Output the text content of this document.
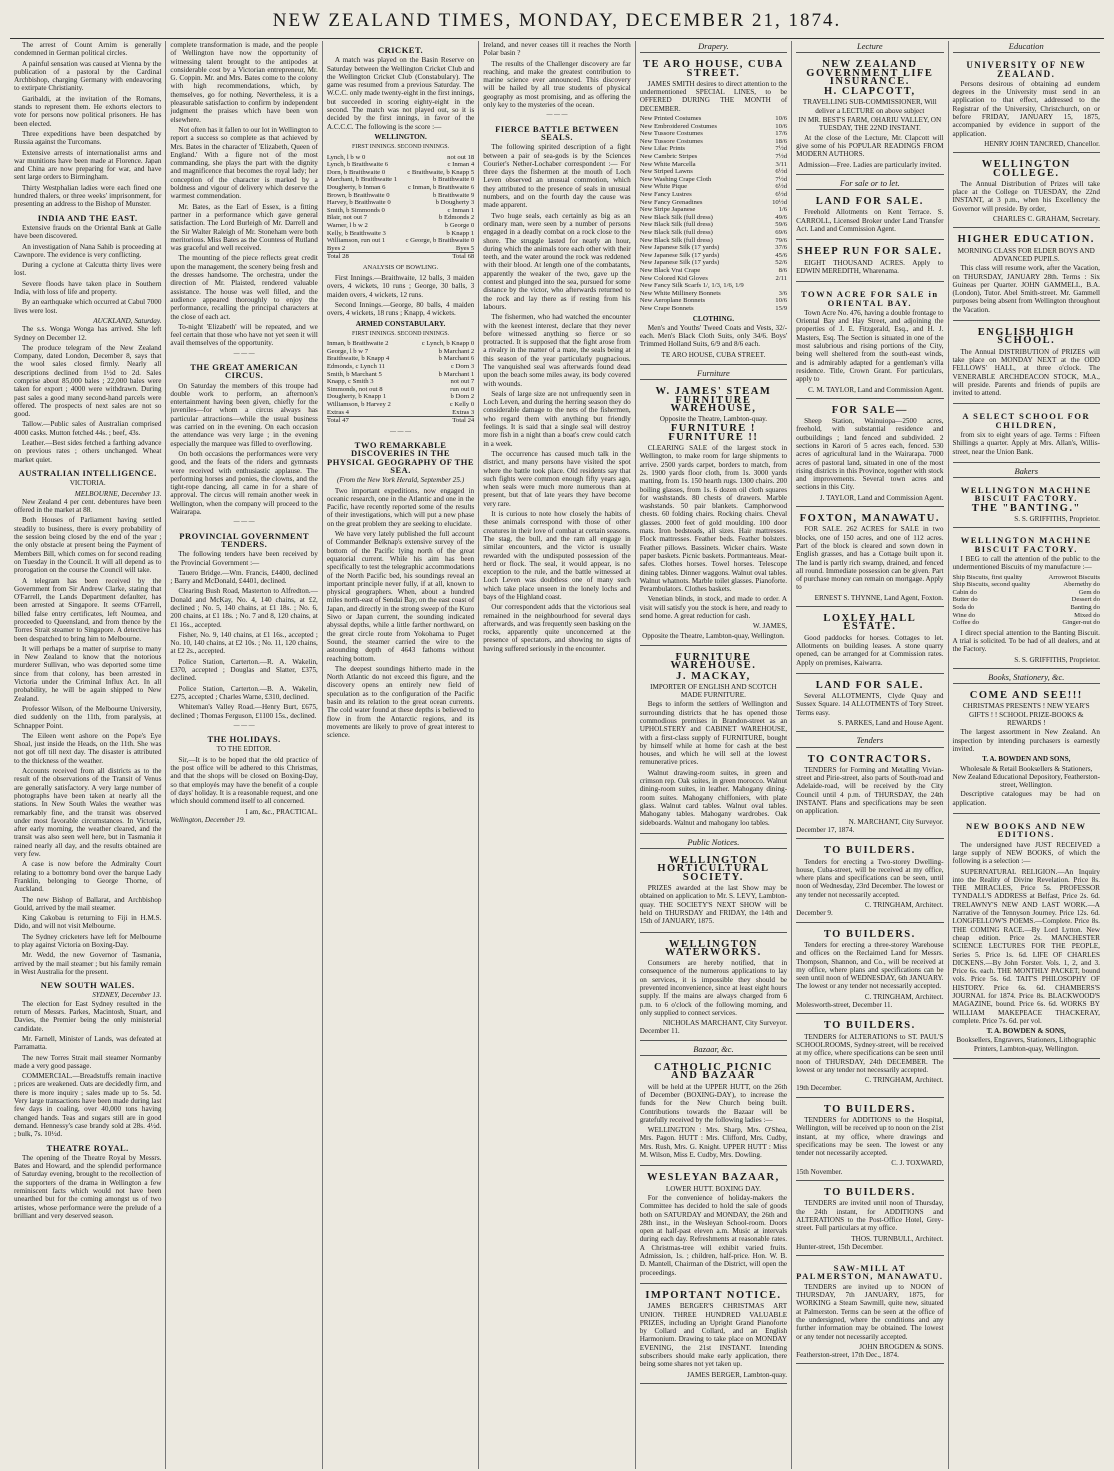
NEW ZEALAND TIMES, MONDAY, DECEMBER 21, 1874.

The arrest of Count Arnim is generally condemned in German political circles.

A painful sensation was caused at Vienna by the publication of a pastoral by the Cardinal Archbishop, charging Germany with endeavoring to extirpate Christianity.

Garibaldi, at the invitation of the Romans, stands to represent them. He exhorts electors to vote for persons now political prisoners. He has been elected.

Three expeditions have been despatched by Russia against the Turcomans.

Extensive arrests of internationalist arms and war munitions have been made at Florence. Japan and China are now preparing for war, and have sent large orders to Birmingham.

Thirty Westphalian ladies were each fined one hundred thalers, or three weeks' imprisonment, for presenting an address to the Bishop of Munster.

INDIA AND THE EAST.

Extensive frauds on the Oriental Bank at Galle have been discovered.

An investigation of Nana Sahib is proceeding at Cawnpore. The evidence is very conflicting.

During a cyclone at Calcutta thirty lives were lost.

Severe floods have taken place in Southern India, with loss of life and property.

By an earthquake which occurred at Cabul 7000 lives were lost.

AUCKLAND, Saturday.

The s.s. Wonga Wonga has arrived. She left Sydney on December 12.

The produce telegram of the New Zealand Company, dated London, December 8, says that the wool sales closed firmly. Nearly all descriptions declined from 1½d to 2d. Sales comprise about 85,000 bales ; 22,000 bales were taken for export ; 4000 were withdrawn. During past sales a good many second-hand parcels were offered. The prospects of next sales are not so good.

Tallow.—Public sales of Australian comprised 4000 casks. Mutton fetched 44s. ; beef, 43s.

Leather.—Best sides fetched a farthing advance on previous rates ; others unchanged. Wheat market quiet.

AUSTRALIAN INTELLIGENCE.
VICTORIA.
MELBOURNE, December 13.

New Zealand 4 per cent. debentures have been offered in the market at 88.

Both Houses of Parliament having settled steadily to business, there is every probability of the session being closed by the end of the year ; the only obstacle at present being the Payment of Members Bill, which comes on for second reading on Tuesday in the Council. It will all depend as to prorogation on the course the Council will take.

A telegram has been received by the Government from Sir Andrew Clarke, stating that O'Farrell, the Lands Department defaulter, has been arrested at Singapore. It seems O'Farrell, billed false entry certificates, left Noumea, and proceeded to Queensland, and from thence by the Torres Strait steamer to Singapore. A detective has been despatched to bring him to Melbourne.

It will perhaps be a matter of surprise to many in New Zealand to know that the notorious murderer Sullivan, who was deported some time since from that colony, has been arrested in Victoria under the Criminal Influx Act. In all probability, he will be again shipped to New Zealand.

Professor Wilson, of the Melbourne University, died suddenly on the 11th, from paralysis, at Schnapper Point.

The Eileen went ashore on the Pope's Eye Shoal, just inside the Heads, on the 11th. She was not got off till next day. The disaster is attributed to the thickness of the weather.

Accounts received from all districts as to the result of the observations of the Transit of Venus are generally satisfactory. A very large number of photographs have been taken at nearly all the stations. In New South Wales the weather was remarkably fine, and the transit was observed under most favorable circumstances. In Victoria, after early morning, the weather cleared, and the transit was also seen well here, but in Tasmania it rained nearly all day, and the results obtained are very few.

A case is now before the Admiralty Court relating to a bottomry bond over the barque Lady Franklin, belonging to George Thorne, of Auckland.

The new Bishop of Ballarat, and Archbishop Gould, arrived by the mail steamer.

King Cakobau is returning to Fiji in H.M.S. Dido, and will not visit Melbourne.

The Sydney cricketers have left for Melbourne to play against Victoria on Boxing-Day.

Mr. Wedd, the new Governor of Tasmania, arrived by the mail steamer ; but his family remain in West Australia for the present.

NEW SOUTH WALES.
SYDNEY, December 13.

The election for East Sydney resulted in the return of Messrs. Parkes, Macintosh, Stuart, and Davies, the Premier being the only ministerial candidate.

Mr. Farnell, Minister of Lands, was defeated at Parramatta.

The new Torres Strait mail steamer Normanby made a very good passage.

COMMERCIAL.—Breadstuffs remain inactive ; prices are weakened. Oats are decidedly firm, and there is more inquiry ; sales made up to 5s. 5d. Very large transactions have been made during last few days in coaling, over 40,000 tons having changed hands. Teas and sugars still are in good demand. Hennessy's case brandy sold at 28s. 4½d. ; bulk, 7s. 10½d.

THEATRE ROYAL.

The opening of the Theatre Royal by Messrs. Bates and Howard, and the splendid performance of Saturday evening, brought to the recollection of the supporters of the drama in Wellington a few reminiscent facts which would not have been unearthed but for the coming amongst us of two artistes, whose performance were the prelude of a brilliant and very deserved season.

complete transformation is made, and the people of Wellington have now the opportunity of witnessing talent brought to the antipodes at considerable cost by a Victorian entrepreneur, Mr. G. Coppin. Mr. and Mrs. Bates come to the colony with high recommendations, which, by themselves, go for nothing. Nevertheless, it is a pleasurable satisfaction to confirm by independent judgment the praises which have been won elsewhere.

Not often has it fallen to our lot in Wellington to report a success so complete as that achieved by Mrs. Bates in the character of 'Elizabeth, Queen of England.' With a figure not of the most commanding, she plays the part with the dignity and magnificence that becomes the royal lady; her conception of the character is marked by a boldness and vigour of delivery which deserve the warmest commendation.

Mr. Bates, as the Earl of Essex, is a fitting partner in a performance which gave general satisfaction. The Lord Burleigh of Mr. Darrell and the Sir Walter Raleigh of Mr. Stoneham were both meritorious. Miss Bates as the Countess of Rutland was graceful and well received.

The mounting of the piece reflects great credit upon the management, the scenery being fresh and the dresses handsome. The orchestra, under the direction of Mr. Plaisted, rendered valuable assistance. The house was well filled, and the audience appeared thoroughly to enjoy the performance, recalling the principal characters at the close of each act.

To-night 'Elizabeth' will be repeated, and we feel certain that those who have not yet seen it will avail themselves of the opportunity.

— — —
THE GREAT AMERICAN CIRCUS.

On Saturday the members of this troupe had double work to perform, an afternoon's entertainment having been given, chiefly for the juveniles—for whom a circus always has particular attractions—while the usual business was carried on in the evening. On each occasion the attendance was very large ; in the evening especially the marquee was filled to overflowing.

On both occasions the performances were very good, and the feats of the riders and gymnasts were received with enthusiastic applause. The performing horses and ponies, the clowns, and the tight-rope dancing, all came in for a share of approval. The circus will remain another week in Wellington, when the company will proceed to the Wairarapa.

— — —
PROVINCIAL GOVERNMENT TENDERS.

The following tenders have been received by the Provincial Government :—

Tauero Bridge.—Wm. Francis, £4400, declined ; Barry and McDonald, £4401, declined.

Clearing Bush Road, Masterton to Alfredton.—Donald and McKay, No. 4, 140 chains, at £2, declined ; No. 5, 140 chains, at £1 18s. ; No. 6, 200 chains, at £1 18s. ; No. 7 and 8, 120 chains, at £1 16s., accepted.

Fisher, No. 9, 140 chains, at £1 16s., accepted ; No. 10, 140 chains, at £2 10s. ; No. 11, 120 chains, at £2 2s., accepted.

Police Station, Carterton.—R. A. Wakelin, £370, accepted ; Douglas and Slatter, £375, declined.

Police Station, Carterton.—B. A. Wakelin, £275, accepted ; Charles Warne, £310, declined.

Whiteman's Valley Road.—Henry Burt, £675, declined ; Thomas Ferguson, £1100 15s., declined.

— — —
THE HOLIDAYS.
TO THE EDITOR.

Sir,—It is to be hoped that the old practice of the post office will be adhered to this Christmas, and that the shops will be closed on Boxing-Day, so that employés may have the benefit of a couple of days' holiday. It is a reasonable request, and one which should commend itself to all concerned.

I am, &c., PRACTICAL.
Wellington, December 19.
CRICKET.

A match was played on the Basin Reserve on Saturday between the Wellington Cricket Club and the Wellington Cricket Club (Constabulary). The game was resumed from a previous Saturday. The W.C.C. only made twenty-eight in the first innings, but succeeded in scoring eighty-eight in the second. The match was not played out, so it is decided by the first innings, in favor of the A.C.C.C. The following is the score :—

WELLINGTON.
FIRST INNINGS. SECOND INNINGS.
Lynch, l b w 0	not out 18
Lynch, b Braithwaite 6	c Inman 4
Dorn, b Braithwaite 0	c Braithwaite, b Knapp 5
Marchant, b Braithwaite 1	b Braithwaite 0
Dougherty, b Inman 6	c Inman, b Braithwaite 6
Brown, b Braithwaite 0	b Braithwaite 9
Harvey, b Braithwaite 0	b Dougherty 3
Smith, b Simmonds 0	c Inman 1
Blair, not out 7	b Edmonds 2
Warner, l b w 2	b George 0
Kelly, b Braithwaite 3	b Knapp 1
Williamson, run out 1	c George, b Braithwaite 0
Byes 2	Byes 5
Total 28	Total 68
ANALYSIS OF BOWLING.

First Innings.—Braithwaite, 12 balls, 3 maiden overs, 4 wickets, 10 runs ; George, 30 balls, 3 maiden overs, 4 wickets, 12 runs.

Second Innings.—George, 80 balls, 4 maiden overs, 4 wickets, 18 runs ; Knapp, 4 wickets.

ARMED CONSTABULARY.
FIRST INNINGS. SECOND INNINGS.
Inman, b Braithwaite 2	c Lynch, b Knapp 0
George, l b w 7	b Marchant 2
Braithwaite, b Knapp 4	b Marchant 6
Edmonds, c Lynch 11	c Dorn 3
Smith, b Marchant 5	b Marchant 1
Knapp, c Smith 3	not out 7
Simmonds, not out 8	run out 0
Dougherty, b Knapp 1	b Dorn 2
Williamson, b Harvey 2	c Kelly 0
Extras 4	Extras 3
Total 47	Total 24
— — —
TWO REMARKABLE DISCOVERIES IN THE PHYSICAL GEOGRAPHY OF THE SEA.
(From the New York Herald, September 25.)

Two important expeditions, now engaged in oceanic research, one in the Atlantic and one in the Pacific, have recently reported some of the results of their investigations, which will put a new phase on the great problem they are seeking to elucidate.

We have very lately published the full account of Commander Belknap's extensive survey of the bottom of the Pacific lying north of the great equatorial current. While his aim has been specifically to test the telegraphic accommodations of the North Pacific bed, his soundings reveal an important principle never fully, if at all, known to physical geographers. When, about a hundred miles north-east of Sendai Bay, on the east coast of Japan, and directly in the strong sweep of the Kuro Siwo or Japan current, the sounding indicated abyssal depths, while a little farther northward, on the great circle route from Yokohama to Puget Sound, the steamer carried the wire to the astounding depth of 4643 fathoms without reaching bottom.

The deepest soundings hitherto made in the North Atlantic do not exceed this figure, and the discovery opens an entirely new field of speculation as to the configuration of the Pacific basin and its relation to the great ocean currents. The cold water found at these depths is believed to flow in from the Antarctic regions, and its movements are likely to prove of great interest to science.

Ireland, and never ceases till it reaches the North Polar basin ?

The results of the Challenger discovery are far reaching, and make the greatest contribution to marine science ever announced. This discovery will be hailed by all true students of physical geography as most promising, and as offering the only key to the mysteries of the ocean.

— — —
FIERCE BATTLE BETWEEN SEALS.

The following spirited description of a fight between a pair of sea-gods is by the Sciences Courier's Nether-Lochaber correspondent :— For three days the fishermen at the mouth of Loch Leven observed an unusual commotion, which they attributed to the presence of seals in unusual numbers, and on the fourth day the cause was made apparent.

Two huge seals, each certainly as big as an ordinary man, were seen by a number of persons engaged in a deadly combat on a rock close to the shore. The struggle lasted for nearly an hour, during which the animals tore each other with their teeth, and the water around the rock was reddened with their blood. At length one of the combatants, apparently the weaker of the two, gave up the contest and plunged into the sea, pursued for some distance by the victor, who afterwards returned to the rock and lay there as if resting from his labours.

The fishermen, who had watched the encounter with the keenest interest, declare that they never before witnessed anything so fierce or so protracted. It is supposed that the fight arose from a rivalry in the matter of a mate, the seals being at this season of the year particularly pugnacious. The vanquished seal was afterwards found dead upon the beach some miles away, its body covered with wounds.

Seals of large size are not unfrequently seen in Loch Leven, and during the herring season they do considerable damage to the nets of the fishermen, who regard them with anything but friendly feelings. It is said that a single seal will destroy more fish in a night than a boat's crew could catch in a week.

The occurrence has caused much talk in the district, and many persons have visited the spot where the battle took place. Old residents say that such fights were common enough fifty years ago, when seals were much more numerous than at present, but that of late years they have become very rare.

It is curious to note how closely the habits of these animals correspond with those of other creatures in their love of combat at certain seasons. The stag, the bull, and the ram all engage in similar encounters, and the victor is usually rewarded with the undisputed possession of the herd or flock. The seal, it would appear, is no exception to the rule, and the battle witnessed at Loch Leven was doubtless one of many such which take place unseen in the lonely lochs and bays of the Highland coast.

Our correspondent adds that the victorious seal remained in the neighbourhood for several days afterwards, and was frequently seen basking on the rocks, apparently quite unconcerned at the presence of spectators, and showing no signs of having suffered seriously in the encounter.

Drapery.
TE ARO HOUSE, CUBA STREET.

JAMES SMITH desires to direct attention to the undermentioned SPECIAL LINES, to be OFFERED DURING THE MONTH of DECEMBER.

New Printed Costumes	10/6
New Embroidered Costumes	10/6
New Tussore Costumes	17/6
New Tussore Costumes	18/6
New Lilac Prints	7½d
New Cambric Stripes	7½d
New White Marcella	3/11
New Striped Lawns	6½d
New Washing Crape Cloth	7½d
New White Pique	6½d
New Fancy Lustres	6½d
New Fancy Grenadines	10½d
New Stripe Japanese	1/6
New Black Silk (full dress)	49/6
New Black Silk (full dress)	59/6
New Black Silk (full dress)	69/6
New Black Silk (full dress)	79/6
New Japanese Silk (17 yards)	37/6
New Japanese Silk (17 yards)	45/6
New Japanese Silk (17 yards)	52/6
New Black Vrai Crape	8/6
New Colored Kid Gloves	2/11
New Fancy Silk Scarfs 1/, 1/3, 1/6, 1/9
New White Millinery Bonnets	3/6
New Aeroplane Bonnets	10/6
New Crape Bonnets	15/9
CLOTHING.

Men's and Youths' Tweed Coats and Vests, 32/- each. Men's Black Cloth Suits, only 34/6. Boys' Trimmed Holland Suits, 6/9 and 8/6 each.

TE ARO HOUSE, CUBA STREET.
Furniture
W. JAMES' STEAM FURNITURE WAREHOUSE,
Opposite the Theatre, Lambton-quay.
FURNITURE ! FURNITURE !!

CLEARING SALE of the largest stock in Wellington, to make room for large shipments to arrive. 2500 yards carpet, borders to match, from 2s. 1900 yards floor cloth, from 1s. 3000 yards matting, from 1s. 150 hearth rugs. 1300 chairs. 200 boiling glasses, from 1s. 6 dozen oil cloth squares for washstands. 80 chests of drawers. Marble washstands. 50 pair blankets. Camphorwood chests. 60 folding chairs. Rocking chairs. Cheval glasses. 2000 feet of gold moulding. 100 door mats. Iron bedsteads, all sizes. Hair mattresses. Flock mattresses. Feather beds. Feather bolsters. Feather pillows. Bassinets. Wicker chairs. Waste paper baskets. Picnic baskets. Portmanteaus. Meat-safes. Clothes horses. Towel horses. Telescope dining tables. Dinner waggons. Walnut oval tables. Walnut whatnots. Marble toilet glasses. Pianoforte. Perambulators. Clothes baskets.

Venetian blinds, in stock, and made to order. A visit will satisfy you the stock is here, and ready to send home. A great reduction for cash.

W. JAMES,
Opposite the Theatre, Lambton-quay, Wellington.
FURNITURE WAREHOUSE.
J. MACKAY,
IMPORTER OF ENGLISH AND SCOTCH MADE FURNITURE.

Begs to inform the settlers of Wellington and surrounding districts that he has opened those commodious premises in Brandon-street as an UPHOLSTERY and CABINET WAREHOUSE, with a first-class supply of FURNITURE, bought by himself while at home for cash at the best houses, and which he will sell at the lowest remunerative prices.

Walnut drawing-room suites, in green and crimson rep. Oak suites, in green morocco. Walnut dining-room suites, in leather. Mahogany dining-room suites. Mahogany chiffoniers, with plate glass. Walnut card tables. Walnut oval tables. Mahogany tables. Mahogany wardrobes. Oak sideboards. Walnut and mahogany loo tables.

Public Notices.
WELLINGTON HORTICULTURAL SOCIETY.

PRIZES awarded at the last Show may be obtained on application to Mr. S. LEVY, Lambton-quay. THE SOCIETY'S NEXT SHOW will be held on THURSDAY and FRIDAY, the 14th and 15th of JANUARY, 1875.

WELLINGTON WATERWORKS.

Consumers are hereby notified, that in consequence of the numerous applications to lay on services, it is impossible they should be prevented inconvenience, since at least eight hours supply. If the mains are always charged from 6 p.m. to 6 o'clock of the following morning, and only supplied to connect services.

NICHOLAS MARCHANT, City Surveyor.
December 11.
Bazaar, &c.
CATHOLIC PICNIC AND BAZAAR

will be held at the UPPER HUTT, on the 26th of December (BOXING-DAY), to increase the funds for the New Church being built. Contributions towards the Bazaar will be gratefully received by the following ladies :—

WELLINGTON : Mrs. Sharp, Mrs. O'Shea, Mrs. Pagon. HUTT : Mrs. Clifford, Mrs. Cudby, Mrs. Rush, Mrs. G. Knight. UPPER HUTT : Miss M. Wilson, Miss E. Cudby, Mrs. Dowling.

WESLEYAN BAZAAR,
LOWER HUTT. BOXING DAY.

For the convenience of holiday-makers the Committee has decided to hold the sale of goods both on SATURDAY and MONDAY, the 26th and 28th inst., in the Wesleyan School-room. Doors open at half-past eleven a.m. Music at intervals during each day. Refreshments at reasonable rates. A Christmas-tree will exhibit varied fruits. Admission, 1s. ; children, half-price. Hon. W. B. D. Mantell, Chairman of the District, will open the proceedings.

IMPORTANT NOTICE.

JAMES BERGER'S CHRISTMAS ART UNION. THREE HUNDRED VALUABLE PRIZES, including an Upright Grand Pianoforte by Collard and Collard, and an English Harmonium. Drawing to take place on MONDAY EVENING, the 21st INSTANT. Intending subscribers should make early application, there being some shares not yet taken up.

JAMES BERGER, Lambton-quay.
Lecture
NEW ZEALAND GOVERNMENT LIFE INSURANCE.
H. CLAPCOTT,
TRAVELLING SUB-COMMISSIONER, Will deliver a LECTURE on above subject
IN MR. BEST'S FARM, OHARIU VALLEY, ON TUESDAY, THE 22ND INSTANT.

At the close of the Lecture, Mr. Clapcott will give some of his POPULAR READINGS FROM MODERN AUTHORS.

Admission—Free. Ladies are particularly invited.
For sale or to let.
LAND FOR SALE.

Freehold Allotments on Kent Terrace. S. CARROLL, Licensed Broker under Land Transfer Act. Land and Commission Agent.

SHEEP RUN FOR SALE.

EIGHT THOUSAND ACRES. Apply to EDWIN MEREDITH, Wharenama.

TOWN ACRE FOR SALE in ORIENTAL BAY.

Town Acre No. 476, having a double frontage to Oriental Bay and Hay Street, and adjoining the properties of J. E. Fitzgerald, Esq., and H. J. Masters, Esq. The Section is situated in one of the most salubrious and rising portions of the City, being well sheltered from the south-east winds, and is admirably adapted for a gentleman's villa residence. Title, Crown Grant. For particulars, apply to

C. M. TAYLOR, Land and Commission Agent.
FOR SALE—

Sheep Station, Wainuiopa—2500 acres, freehold, with substantial residence and outbuildings ; land fenced and subdivided. 2 sections in Karori of 5 acres each, fenced. 530 acres of agricultural land in the Wairarapa. 7000 acres of pastoral land, situated in one of the most rising districts in this Province, together with stock and improvements. Several town acres and sections in this City.

J. TAYLOR, Land and Commission Agent.
FOXTON, MANAWATU.

FOR SALE. 262 ACRES for SALE in two blocks, one of 150 acres, and one of 112 acres. Part of the block is cleared and sown down in English grasses, and has a Cottage built upon it. The land is partly rich swamp, drained, and fenced all round. Immediate possession can be given. Part of purchase money can remain on mortgage. Apply to

ERNEST S. THYNNE, Land Agent, Foxton.
LOXLEY HALL ESTATE.

Good paddocks for horses. Cottages to let. Allotments on building leases. A stone quarry opened, can be arranged for at Commission rates. Apply on premises, Kaiwarra.

LAND FOR SALE.

Several ALLOTMENTS, Clyde Quay and Sussex Square. 14 ALLOTMENTS of Tory Street. Terms easy.

S. PARKES, Land and House Agent.
Tenders
TO CONTRACTORS.

TENDERS for Forming and Metalling Vivian-street and Pirie-street, also parts of South-road and Adelaide-road, will be received by the City Council until 4 p.m. of THURSDAY, the 24th INSTANT. Plans and specifications may be seen on application.

N. MARCHANT, City Surveyor.
December 17, 1874.
TO BUILDERS.

Tenders for erecting a Two-storey Dwelling-house, Cuba-street, will be received at my office, where plans and specifications can be seen, until noon of Wednesday, 23rd December. The lowest or any tender not necessarily accepted.

C. TRINGHAM, Architect.
December 9.
TO BUILDERS.

Tenders for erecting a three-storey Warehouse and offices on the Reclaimed Land for Messrs. Thompson, Shannon, and Co., will be received at my office, where plans and specifications can be seen until noon of WEDNESDAY, 6th JANUARY. The lowest or any tender not necessarily accepted.

C. TRINGHAM, Architect.
Molesworth-street, December 11.
TO BUILDERS.

TENDERS for ALTERATIONS to ST. PAUL'S SCHOOLROOMS, Sydney-street, will be received at my office, where specifications can be seen until noon of THURSDAY, 24th DECEMBER. The lowest or any tender not necessarily accepted.

C. TRINGHAM, Architect.
19th December.
TO BUILDERS.

TENDERS for ADDITIONS to the Hospital, Wellington, will be received up to noon on the 21st instant, at my office, where drawings and specifications may be seen. The lowest or any tender not necessarily accepted.

C. J. TOXWARD,
15th November.
TO BUILDERS.

TENDERS are invited until noon of Thursday, the 24th instant, for ADDITIONS and ALTERATIONS to the Post-Office Hotel, Grey-street. Full particulars at my office.

THOS. TURNBULL, Architect.
Hunter-street, 15th December.
SAW-MILL AT PALMERSTON, MANAWATU.

TENDERS are invited up to NOON of THURSDAY, 7th JANUARY, 1875, for WORKING a Steam Sawmill, quite new, situated at Palmerston. Terms can be seen at the office of the undersigned, where the conditions and any further information may be obtained. The lowest or any tender not necessarily accepted.

JOHN BROGDEN & SONS.
Featherston-street, 17th Dec., 1874.
Education
UNIVERSITY OF NEW ZEALAND.

Persons desirous of obtaining ad eundem degrees in the University must send in an application to that effect, addressed to the Registrar of the University, Christchurch, on or before FRIDAY, JANUARY 15, 1875, accompanied by evidence in support of the application.

HENRY JOHN TANCRED, Chancellor.
WELLINGTON COLLEGE.

The Annual Distribution of Prizes will take place at the College on TUESDAY, the 22nd INSTANT, at 3 p.m., when his Excellency the Governor will preside. By order,

CHARLES C. GRAHAM, Secretary.
HIGHER EDUCATION.
MORNING CLASS FOR ELDER BOYS AND ADVANCED PUPILS.

This class will resume work, after the Vacation, on THURSDAY, JANUARY 28th. Terms : Six Guineas per Quarter. JOHN GAMMELL, B.A. (London), Tutor. Abel Smith-street. Mr. Gammell purposes being absent from Wellington throughout the Vacation.

ENGLISH HIGH SCHOOL.

The Annual DISTRIBUTION of PRIZES will take place on MONDAY NEXT at the ODD FELLOWS' HALL, at three o'clock. The VENERABLE ARCHDEACON STOCK, M.A., will preside. Parents and friends of pupils are invited to attend.

A SELECT SCHOOL FOR CHILDREN,

from six to eight years of age. Terms : Fifteen Shillings a quarter. Apply at Mrs. Allan's, Willis-street, near the Union Bank.

Bakers
WELLINGTON MACHINE BISCUIT FACTORY.
THE "BANTING."
S. S. GRIFFITHS, Proprietor.
WELLINGTON MACHINE BISCUIT FACTORY.

I BEG to call the attention of the public to the undermentioned Biscuits of my manufacture :—

Ship Biscuits, first quality	Arrowroot Biscuits
Ship Biscuits, second quality	Abernethy do
Cabin do	Gem do
Butter do	Dessert do
Soda do	Banting do
Wine do	Mixed do
Coffee do	Ginger-nut do

I direct special attention to the Banting Biscuit. A trial is solicited. To be had of all dealers, and at the Factory.

S. S. GRIFFITHS, Proprietor.
Books, Stationery, &c.
COME AND SEE!!!
CHRISTMAS PRESENTS ! NEW YEAR'S GIFTS ! ! SCHOOL PRIZE-BOOKS & REWARDS !

The largest assortment in New Zealand. An inspection by intending purchasers is earnestly invited.

T. A. BOWDEN AND SONS,
Wholesale & Retail Booksellers & Stationers, New Zealand Educational Depository, Featherston-street, Wellington.

Descriptive catalogues may be had on application.

NEW BOOKS AND NEW EDITIONS.

The undersigned have JUST RECEIVED a large supply of NEW BOOKS, of which the following is a selection :—

SUPERNATURAL RELIGION.—An Inquiry into the Reality of Divine Revelation. Price 8s. THE MIRACLES, Price 5s. PROFESSOR TYNDALL'S ADDRESS at Belfast, Price 2s. 6d. TRELAWNY'S NEW AND LAST WORK.—A Narrative of the Tennyson Journey. Price 12s. 6d. LONGFELLOW'S POEMS.—Complete. Price 8s. THE COMING RACE.—By Lord Lytton. New cheap edition. Price 2s. MANCHESTER SCIENCE LECTURES FOR THE PEOPLE, Series 5. Price 1s. 6d. LIFE OF CHARLES DICKENS.—By John Forster. Vols. 1, 2, and 3. Price 6s. each. THE MONTHLY PACKET, bound vols. Price 5s. 6d. TAIT'S PHILOSOPHY OF HISTORY. Price 6s. 6d. CHAMBERS'S JOURNAL for 1874. Price 8s. BLACKWOOD'S MAGAZINE, bound. Price 6s. 6d. WORKS BY WILLIAM MAKEPEACE THACKERAY, complete. Price 7s. 6d. per vol.

T. A. BOWDEN & SONS,
Booksellers, Engravers, Stationers, Lithographic Printers, Lambton-quay, Wellington.
